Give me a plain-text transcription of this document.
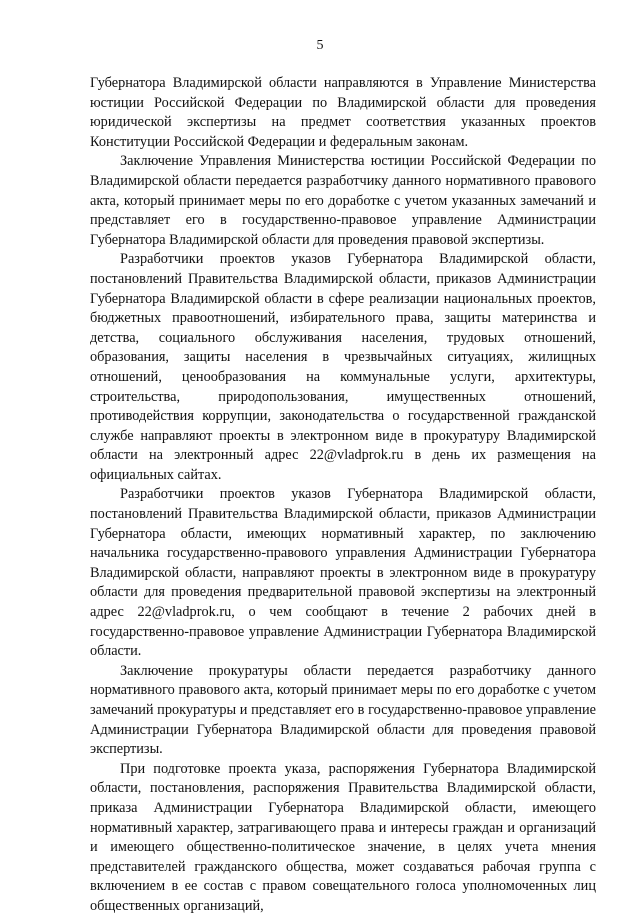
5

Губернатора Владимирской области направляются в Управление Министерства юстиции Российской Федерации по Владимирской области для проведения юридической экспертизы на предмет соответствия указанных проектов Конституции Российской Федерации и федеральным законам.

Заключение Управления Министерства юстиции Российской Федерации по Владимирской области передается разработчику данного нормативного правового акта, который принимает меры по его доработке с учетом указанных замечаний и представляет его в государственно-правовое управление Администрации Губернатора Владимирской области для проведения правовой экспертизы.

Разработчики проектов указов Губернатора Владимирской области, постановлений Правительства Владимирской области, приказов Администрации Губернатора Владимирской области в сфере реализации национальных проектов, бюджетных правоотношений, избирательного права, защиты материнства и детства, социального обслуживания населения, трудовых отношений, образования, защиты населения в чрезвычайных ситуациях, жилищных отношений, ценообразования на коммунальные услуги, архитектуры, строительства, природопользования, имущественных отношений, противодействия коррупции, законодательства о государственной гражданской службе направляют проекты в электронном виде в прокуратуру Владимирской области на электронный адрес 22@vladprok.ru в день их размещения на официальных сайтах.

Разработчики проектов указов Губернатора Владимирской области, постановлений Правительства Владимирской области, приказов Администрации Губернатора области, имеющих нормативный характер, по заключению начальника государственно-правового управления Администрации Губернатора Владимирской области, направляют проекты в электронном виде в прокуратуру области для проведения предварительной правовой экспертизы на электронный адрес 22@vladprok.ru, о чем сообщают в течение 2 рабочих дней в государственно-правовое управление Администрации Губернатора Владимирской области.

Заключение прокуратуры области передается разработчику данного нормативного правового акта, который принимает меры по его доработке с учетом замечаний прокуратуры и представляет его в государственно-правовое управление Администрации Губернатора Владимирской области для проведения правовой экспертизы.

При подготовке проекта указа, распоряжения Губернатора Владимирской области, постановления, распоряжения Правительства Владимирской области, приказа Администрации Губернатора Владимирской области, имеющего нормативный характер, затрагивающего права и интересы граждан и организаций и имеющего общественно-политическое значение, в целях учета мнения представителей гражданского общества, может создаваться рабочая группа с включением в ее состав с правом совещательного голоса уполномоченных лиц общественных организаций,
